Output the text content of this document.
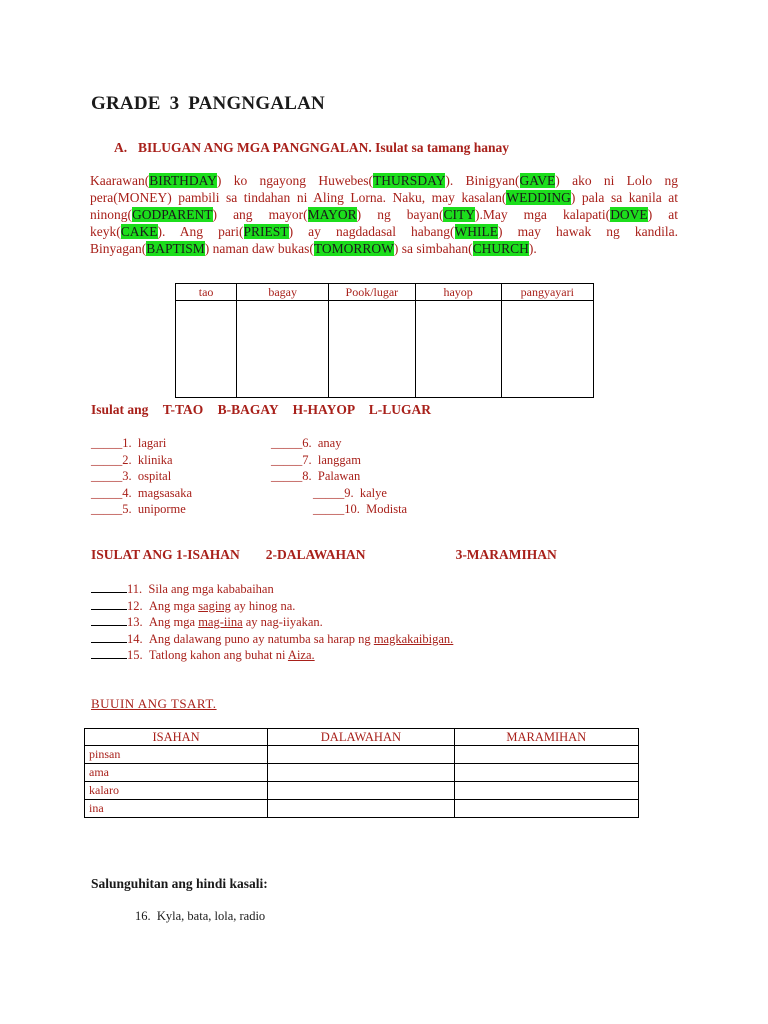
GRADE 3 PANGNGALAN
A. BILUGAN ANG MGA PANGNGALAN. Isulat sa tamang hanay
Kaarawan(BIRTHDAY) ko ngayong Huwebes(THURSDAY). Binigyan(GAVE) ako ni Lolo ng
pera(MONEY) pambili sa tindahan ni Aling Lorna. Naku, may kasalan(WEDDING) pala sa kanila at
ninong(GODPARENT) ang mayor(MAYOR) ng bayan(CITY).May mga kalapati(DOVE) at
keyk(CAKE). Ang pari(PRIEST) ay nagdadasal habang(WHILE) may hawak ng kandila.
Binyagan(BAPTISM) naman daw bukas(TOMORROW) sa simbahan(CHURCH).
tao	bagay	Pook/lugar	hayop	pangyayari

Isulat ang T-TAO B-BAGAY H-HAYOP L-LUGAR
_____1. lagari
_____2. klinika
_____3. ospital
_____4. magsasaka
_____5. uniporme
_____6. anay
_____7. langgam
_____8. Palawan
_____9. kalye
_____10. Modista
ISULAT ANG 1-ISAHAN 2-DALAWAHAN	3-MARAMIHAN
11. Sila ang mga kababaihan
12. Ang mga saging ay hinog na.
13. Ang mga mag-iina ay nag-iiyakan.
14. Ang dalawang puno ay natumba sa harap ng magkakaibigan.
15. Tatlong kahon ang buhat ni Aiza.
BUUIN ANG TSART.
ISAHAN	DALAWAHAN	MARAMIHAN
pinsan		
ama		
kalaro		
ina		
Salunguhitan ang hindi kasali:
16. Kyla, bata, lola, radio
